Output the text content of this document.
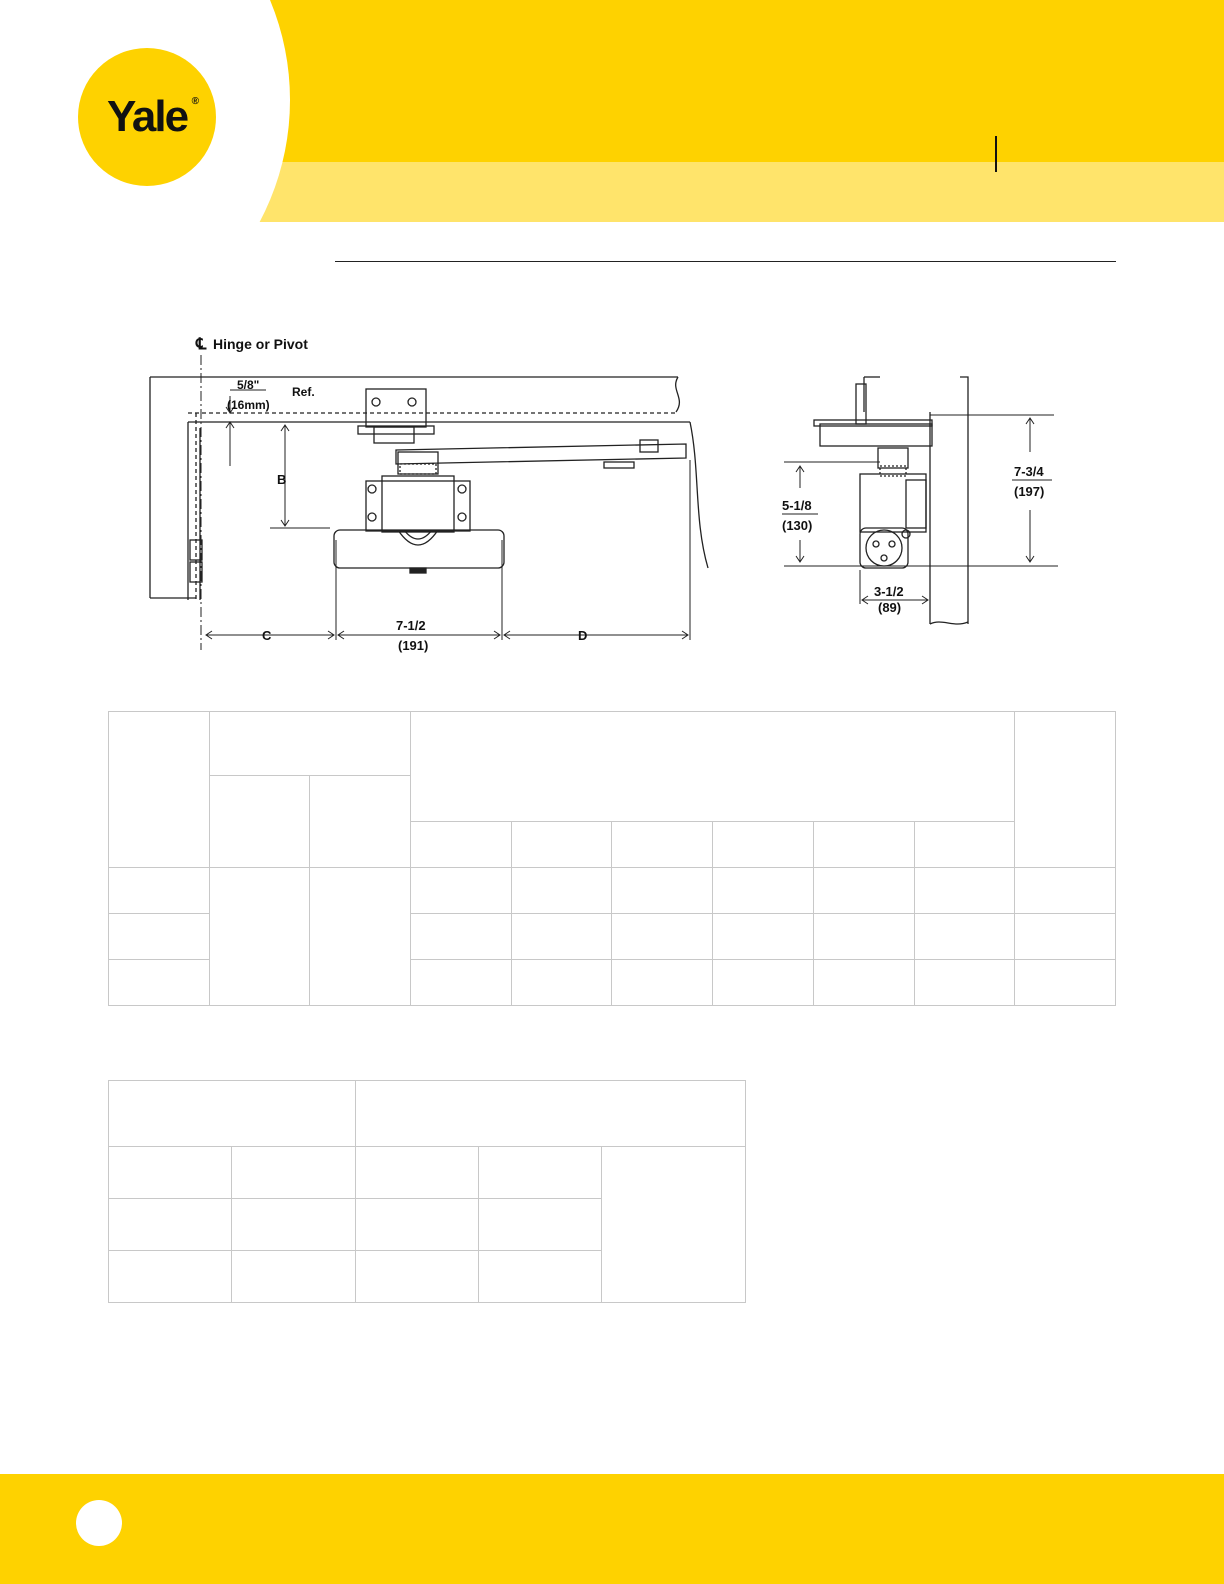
Yale ®
℄ Hinge or Pivot
5/8"	Ref.
(16mm)
B
C
7-1/2
(191)
D
5-1/8
(130)
7-3/4
(197)
3-1/2
(89)
